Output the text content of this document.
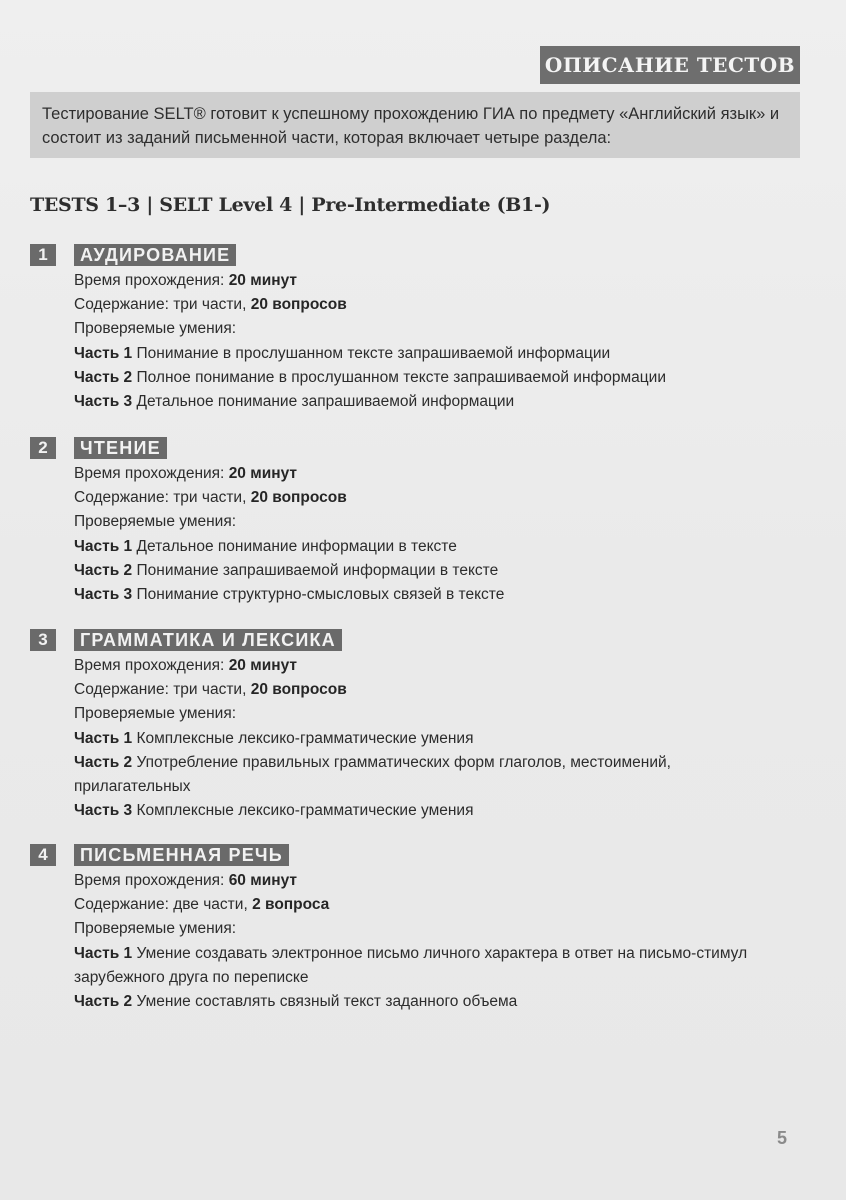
ОПИСАНИЕ ТЕСТОВ
Тестирование SELT® готовит к успешному прохождению ГИА по предмету «Английский язык» и состоит из заданий письменной части, которая включает четыре раздела:
TESTS 1–3 | SELT Level 4 | Pre-Intermediate (B1-)
1	АУДИРОВАНИЕ
Время прохождения: 20 минут
Содержание: три части, 20 вопросов
Проверяемые умения:
Часть 1 Понимание в прослушанном тексте запрашиваемой информации
Часть 2 Полное понимание в прослушанном тексте запрашиваемой информации
Часть 3 Детальное понимание запрашиваемой информации
2	ЧТЕНИЕ
Время прохождения: 20 минут
Содержание: три части, 20 вопросов
Проверяемые умения:
Часть 1 Детальное понимание информации в тексте
Часть 2 Понимание запрашиваемой информации в тексте
Часть 3 Понимание структурно-смысловых связей в тексте
3	ГРАММАТИКА И ЛЕКСИКА
Время прохождения: 20 минут
Содержание: три части, 20 вопросов
Проверяемые умения:
Часть 1 Комплексные лексико-грамматические умения
Часть 2 Употребление правильных грамматических форм глаголов, местоимений, прилагательных
Часть 3 Комплексные лексико-грамматические умения
4	ПИСЬМЕННАЯ РЕЧЬ
Время прохождения: 60 минут
Содержание: две части, 2 вопроса
Проверяемые умения:
Часть 1 Умение создавать электронное письмо личного характера в ответ на письмо-стимул зарубежного друга по переписке
Часть 2 Умение составлять связный текст заданного объема
5
